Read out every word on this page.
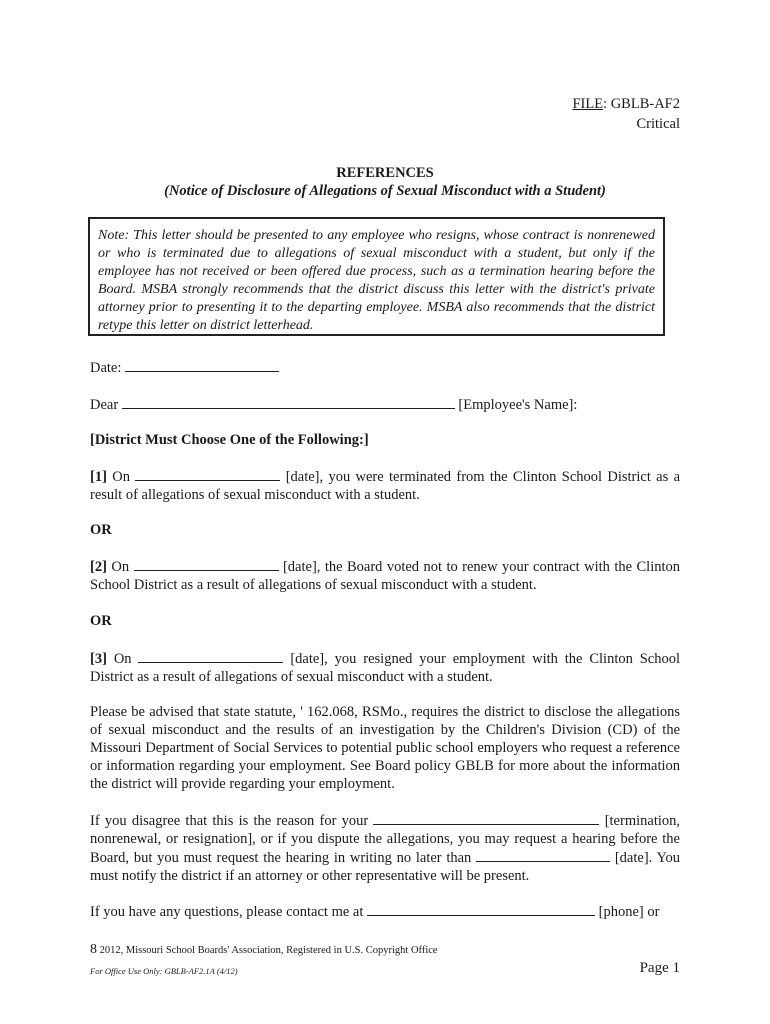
FILE: GBLB-AF2
Critical
REFERENCES
(Notice of Disclosure of Allegations of Sexual Misconduct with a Student)
Note: This letter should be presented to any employee who resigns, whose contract is nonrenewed or who is terminated due to allegations of sexual misconduct with a student, but only if the employee has not received or been offered due process, such as a termination hearing before the Board. MSBA strongly recommends that the district discuss this letter with the district's private attorney prior to presenting it to the departing employee. MSBA also recommends that the district retype this letter on district letterhead.
Date:
Dear	[Employee's Name]:
[District Must Choose One of the Following:]
[1] On	[date], you were terminated from the Clinton School District as a result of allegations of sexual misconduct with a student.
OR
[2] On	[date], the Board voted not to renew your contract with the Clinton School District as a result of allegations of sexual misconduct with a student.
OR
[3] On	[date], you resigned your employment with the Clinton School District as a result of allegations of sexual misconduct with a student.
Please be advised that state statute, ' 162.068, RSMo., requires the district to disclose the allegations of sexual misconduct and the results of an investigation by the Children's Division (CD) of the Missouri Department of Social Services to potential public school employers who request a reference or information regarding your employment. See Board policy GBLB for more about the information the district will provide regarding your employment.
If you disagree that this is the reason for your	[termination, nonrenewal, or resignation], or if you dispute the allegations, you may request a hearing before the Board, but you must request the hearing in writing no later than	[date]. You must notify the district if an attorney or other representative will be present.
If you have any questions, please contact me at	[phone] or
8 2012, Missouri School Boards' Association, Registered in U.S. Copyright Office
For Office Use Only: GBLB-AF2.1A (4/12)	Page 1
